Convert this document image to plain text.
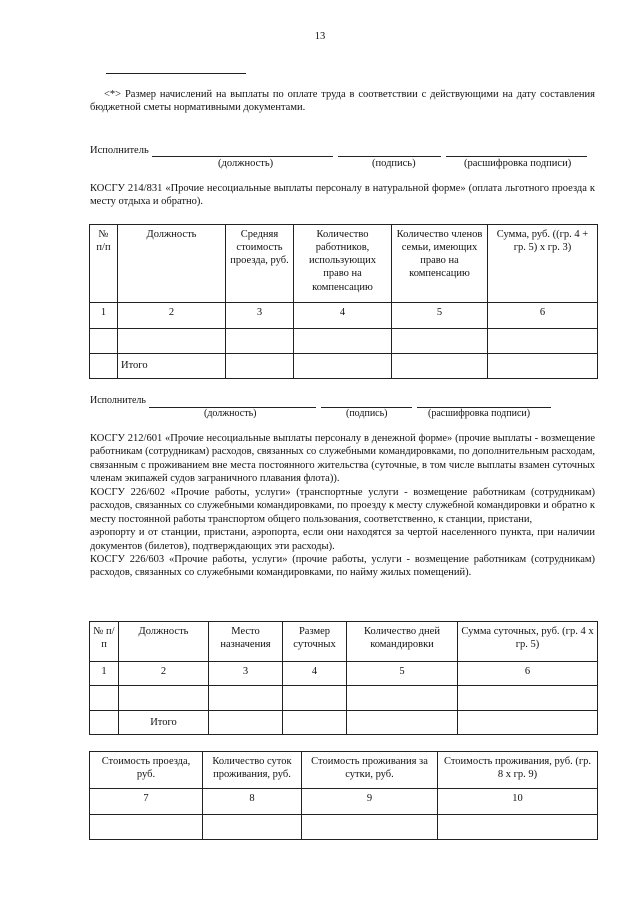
13
<*> Размер начислений на выплаты по оплате труда в соответствии с действующими на дату составления бюджетной сметы нормативными документами.
Исполнитель
(должность)	(подпись)	(расшифровка подписи)
КОСГУ 214/831 «Прочие несоциальные выплаты персоналу в натуральной форме» (оплата льготного проезда к месту отдыха и обратно).
№ п/п	Должность	Средняя стоимость проезда, руб.	Количество работников, использующих право на компенсацию	Количество членов семьи, имеющих право на компенсацию	Сумма, руб. ((гр. 4 + гр. 5) x гр. 3)
1	2	3	4	5	6

	Итого				
Исполнитель
(должность)	(подпись)	(расшифровка подписи)

КОСГУ 212/601 «Прочие несоциальные выплаты персоналу в денежной форме» (прочие выплаты - возмещение работникам (сотрудникам) расходов, связанных со служебными командировками, по дополнительным расходам, связанным с проживанием вне места постоянного жительства (суточные, в том числе выплаты взамен суточных членам экипажей судов заграничного плавания флота)).

КОСГУ 226/602 «Прочие работы, услуги» (транспортные услуги - возмещение работникам (сотрудникам) расходов, связанных со служебными командировками, по проезду к месту служебной командировки и обратно к месту постоянной работы транспортом общего пользования, соответственно, к станции, пристани,

аэропорту и от станции, пристани, аэропорта, если они находятся за чертой населенного пункта, при наличии документов (билетов), подтверждающих эти расходы).

КОСГУ 226/603 «Прочие работы, услуги» (прочие работы, услуги - возмещение работникам (сотрудникам) расходов, связанных со служебными командировками, по найму жилых помещений).

№ п/п	Должность	Место назначения	Размер суточных	Количество дней командировки	Сумма суточных, руб. (гр. 4 x гр. 5)
1	2	3	4	5	6

	Итого				
Стоимость проезда, руб.	Количество суток проживания, руб.	Стоимость проживания за сутки, руб.	Стоимость проживания, руб. (гр. 8 x гр. 9)
7	8	9	10
